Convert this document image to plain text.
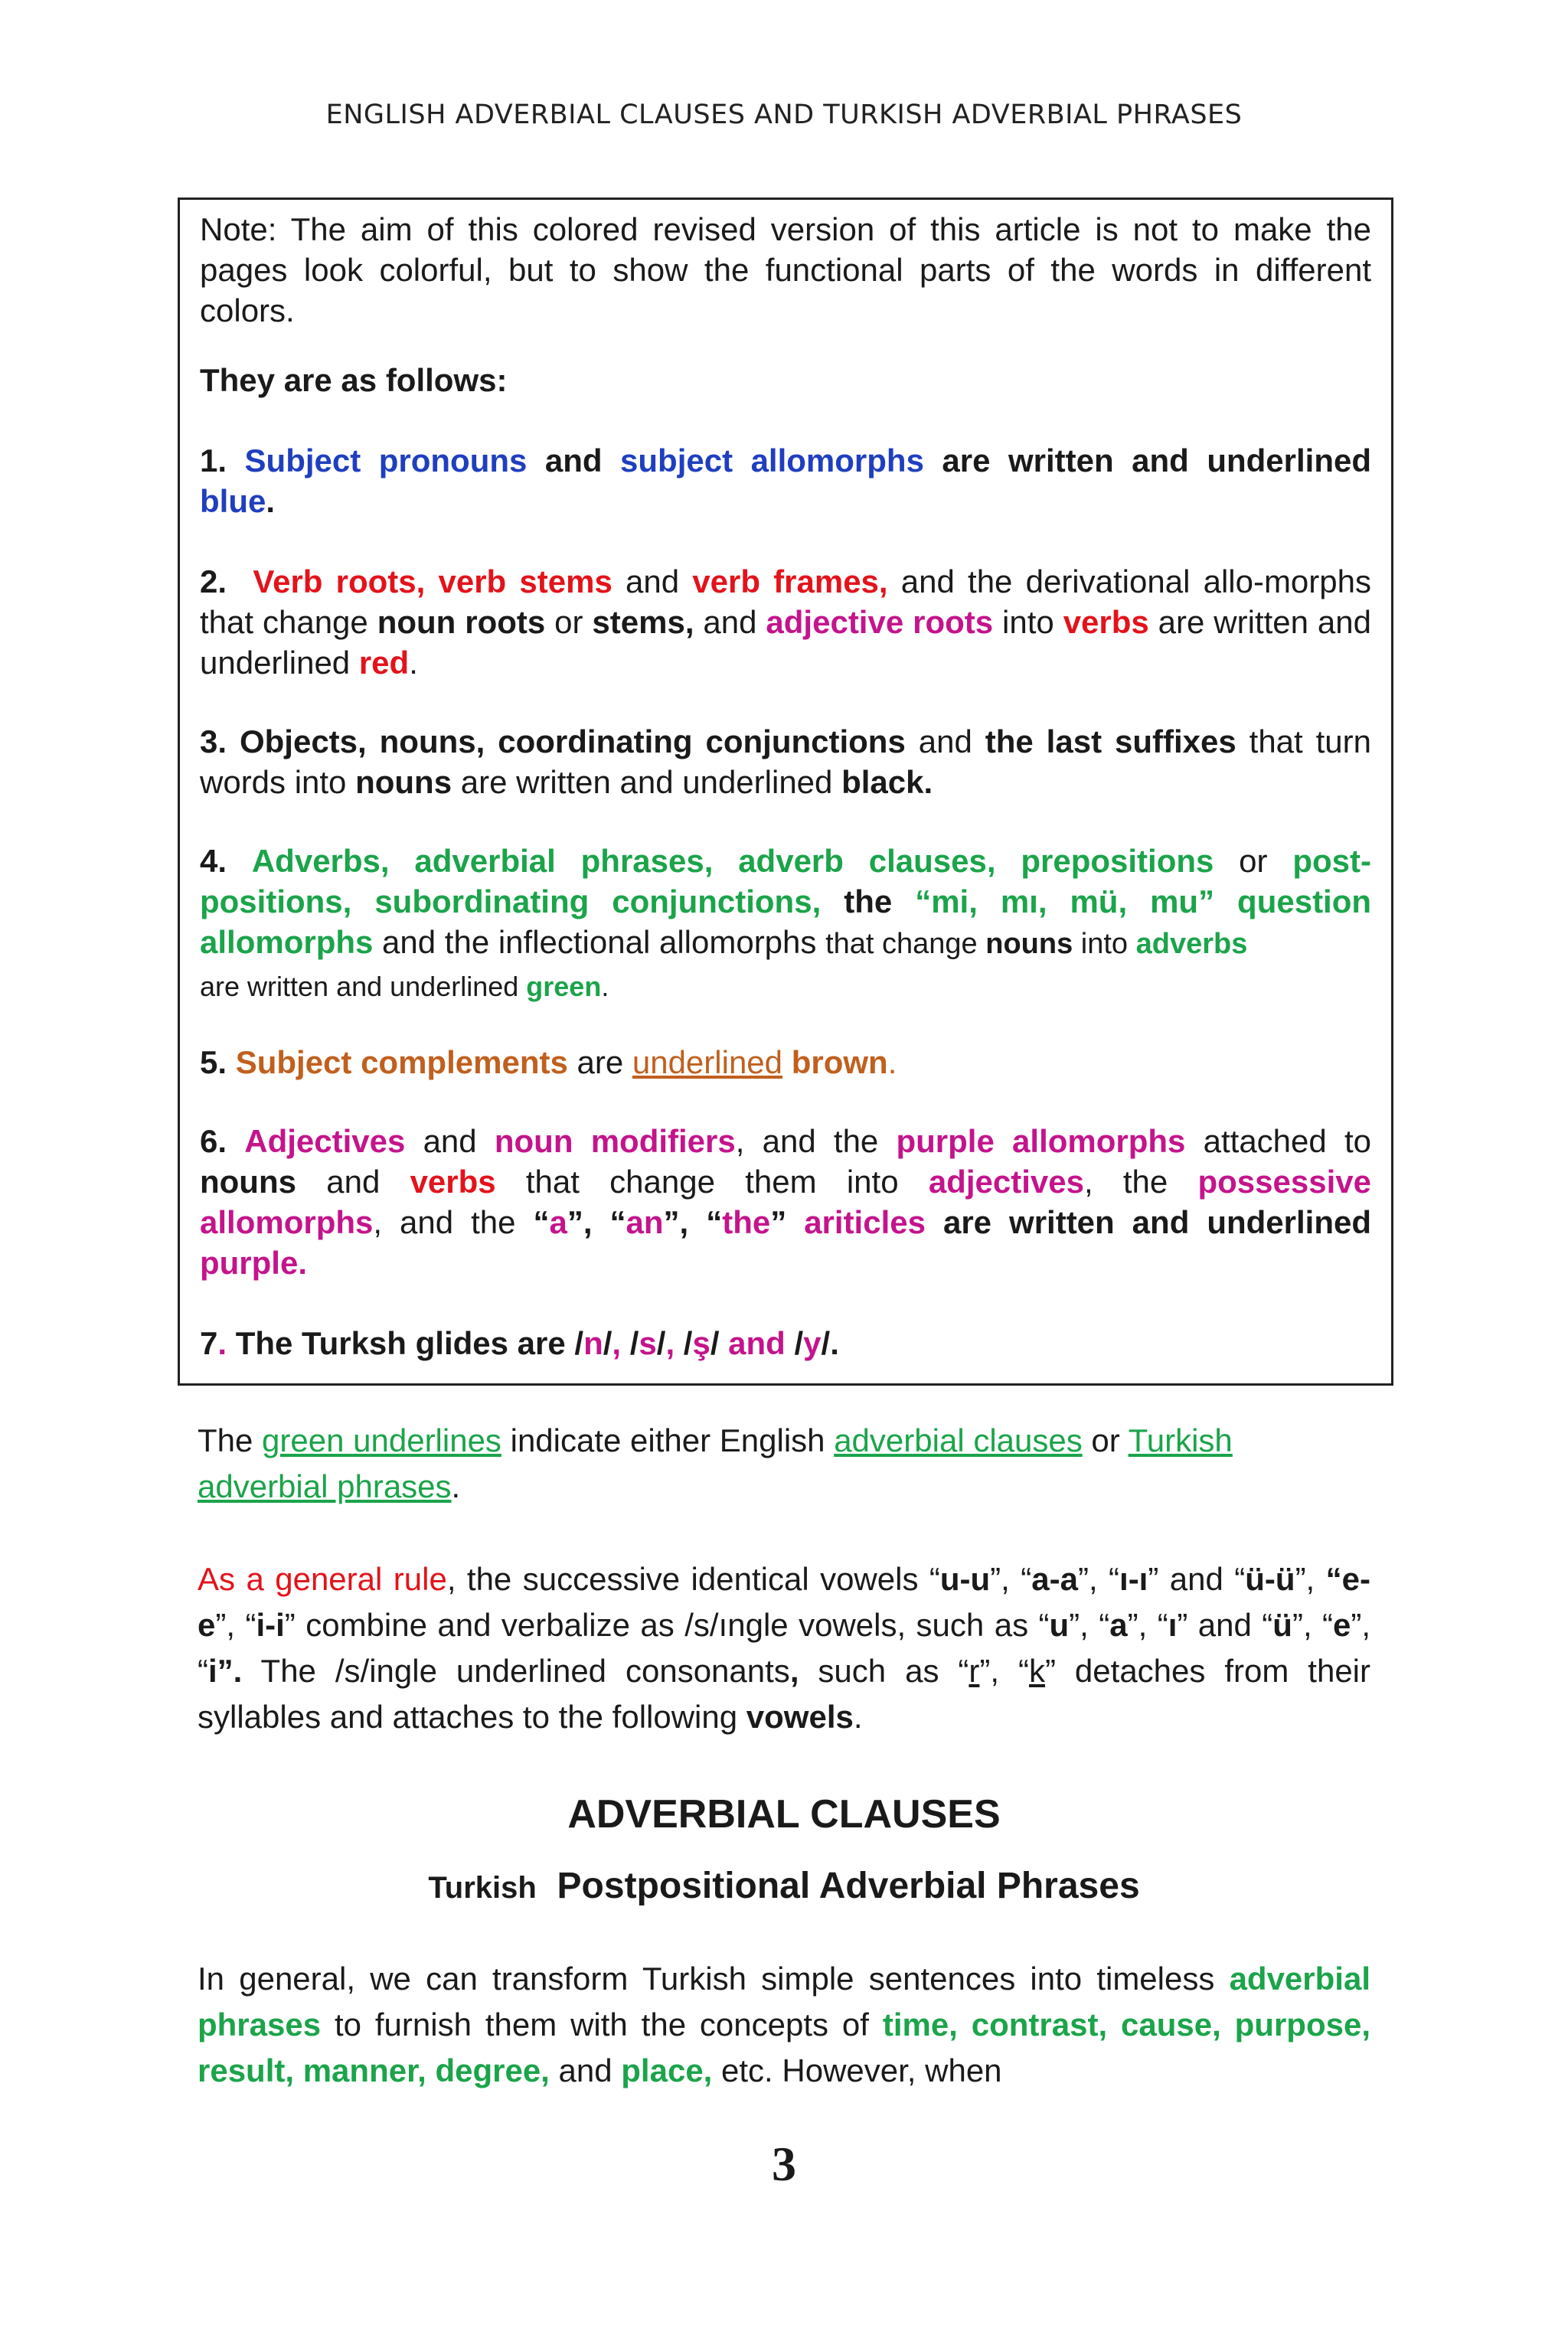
ENGLISH ADVERBIAL CLAUSES AND TURKISH ADVERBIAL PHRASES

Note: The aim of this colored revised version of this article is not to make the pages look colorful, but to show the functional parts of the words in different colors.

They are as follows:

1. Subject pronouns and subject allomorphs are written and underlined blue.

2. Verb roots, verb stems and verb frames, and the derivational allo-morphs that change noun roots or stems, and adjective roots into verbs are written and underlined red.

3. Objects, nouns, coordinating conjunctions and the last suffixes that turn words into nouns are written and underlined black.

4. Adverbs, adverbial phrases, adverb clauses, prepositions or post-positions, subordinating conjunctions, the “mi, mı, mü, mu” question allomorphs and the inflectional allomorphs that change nouns into adverbs
are written and underlined green.

5. Subject complements are underlined brown.

6. Adjectives and noun modifiers, and the purple allomorphs attached to nouns and verbs that change them into adjectives, the possessive allomorphs, and the “a”, “an”, “the” ariticles are written and underlined purple.

7. The Turksh glides are /n/, /s/, /ş/ and /y/.

The green underlines indicate either English adverbial clauses or Turkish
adverbial phrases.

As a general rule, the successive identical vowels “u-u”, “a-a”, “ı-ı” and “ü-ü”, “e-e”, “i-i” combine and verbalize as /s/ıngle vowels, such as “u”, “a”, “ı” and “ü”, “e”, “i”. The /s/ingle underlined consonants, such as “r”, “k” detaches from their syllables and attaches to the following vowels.

ADVERBIAL CLAUSES
Turkish Postpositional Adverbial Phrases

In general, we can transform Turkish simple sentences into timeless adverbial phrases to furnish them with the concepts of time, contrast, cause, purpose, result, manner, degree, and place, etc. However, when

3
